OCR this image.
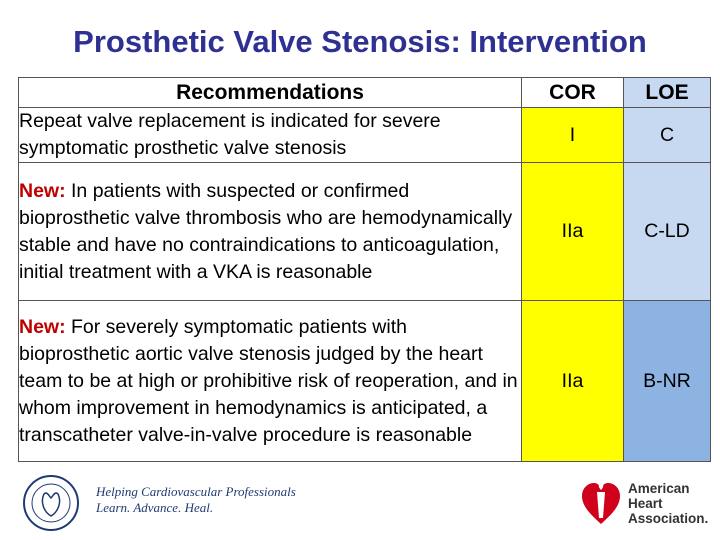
Prosthetic Valve Stenosis: Intervention
Recommendations	COR	LOE
Repeat valve replacement is indicated for severe symptomatic prosthetic valve stenosis	I	C
New: In patients with suspected or confirmed bioprosthetic valve thrombosis who are hemodynamically stable and have no contraindications to anticoagulation, initial treatment with a VKA is reasonable	IIa	C-LD
New: For severely symptomatic patients with bioprosthetic aortic valve stenosis judged by the heart team to be at high or prohibitive risk of reoperation, and in whom improvement in hemodynamics is anticipated, a transcatheter valve-in-valve procedure is reasonable	IIa	B-NR
Helping Cardiovascular Professionals
Learn. Advance. Heal.
American
Heart
Association.
